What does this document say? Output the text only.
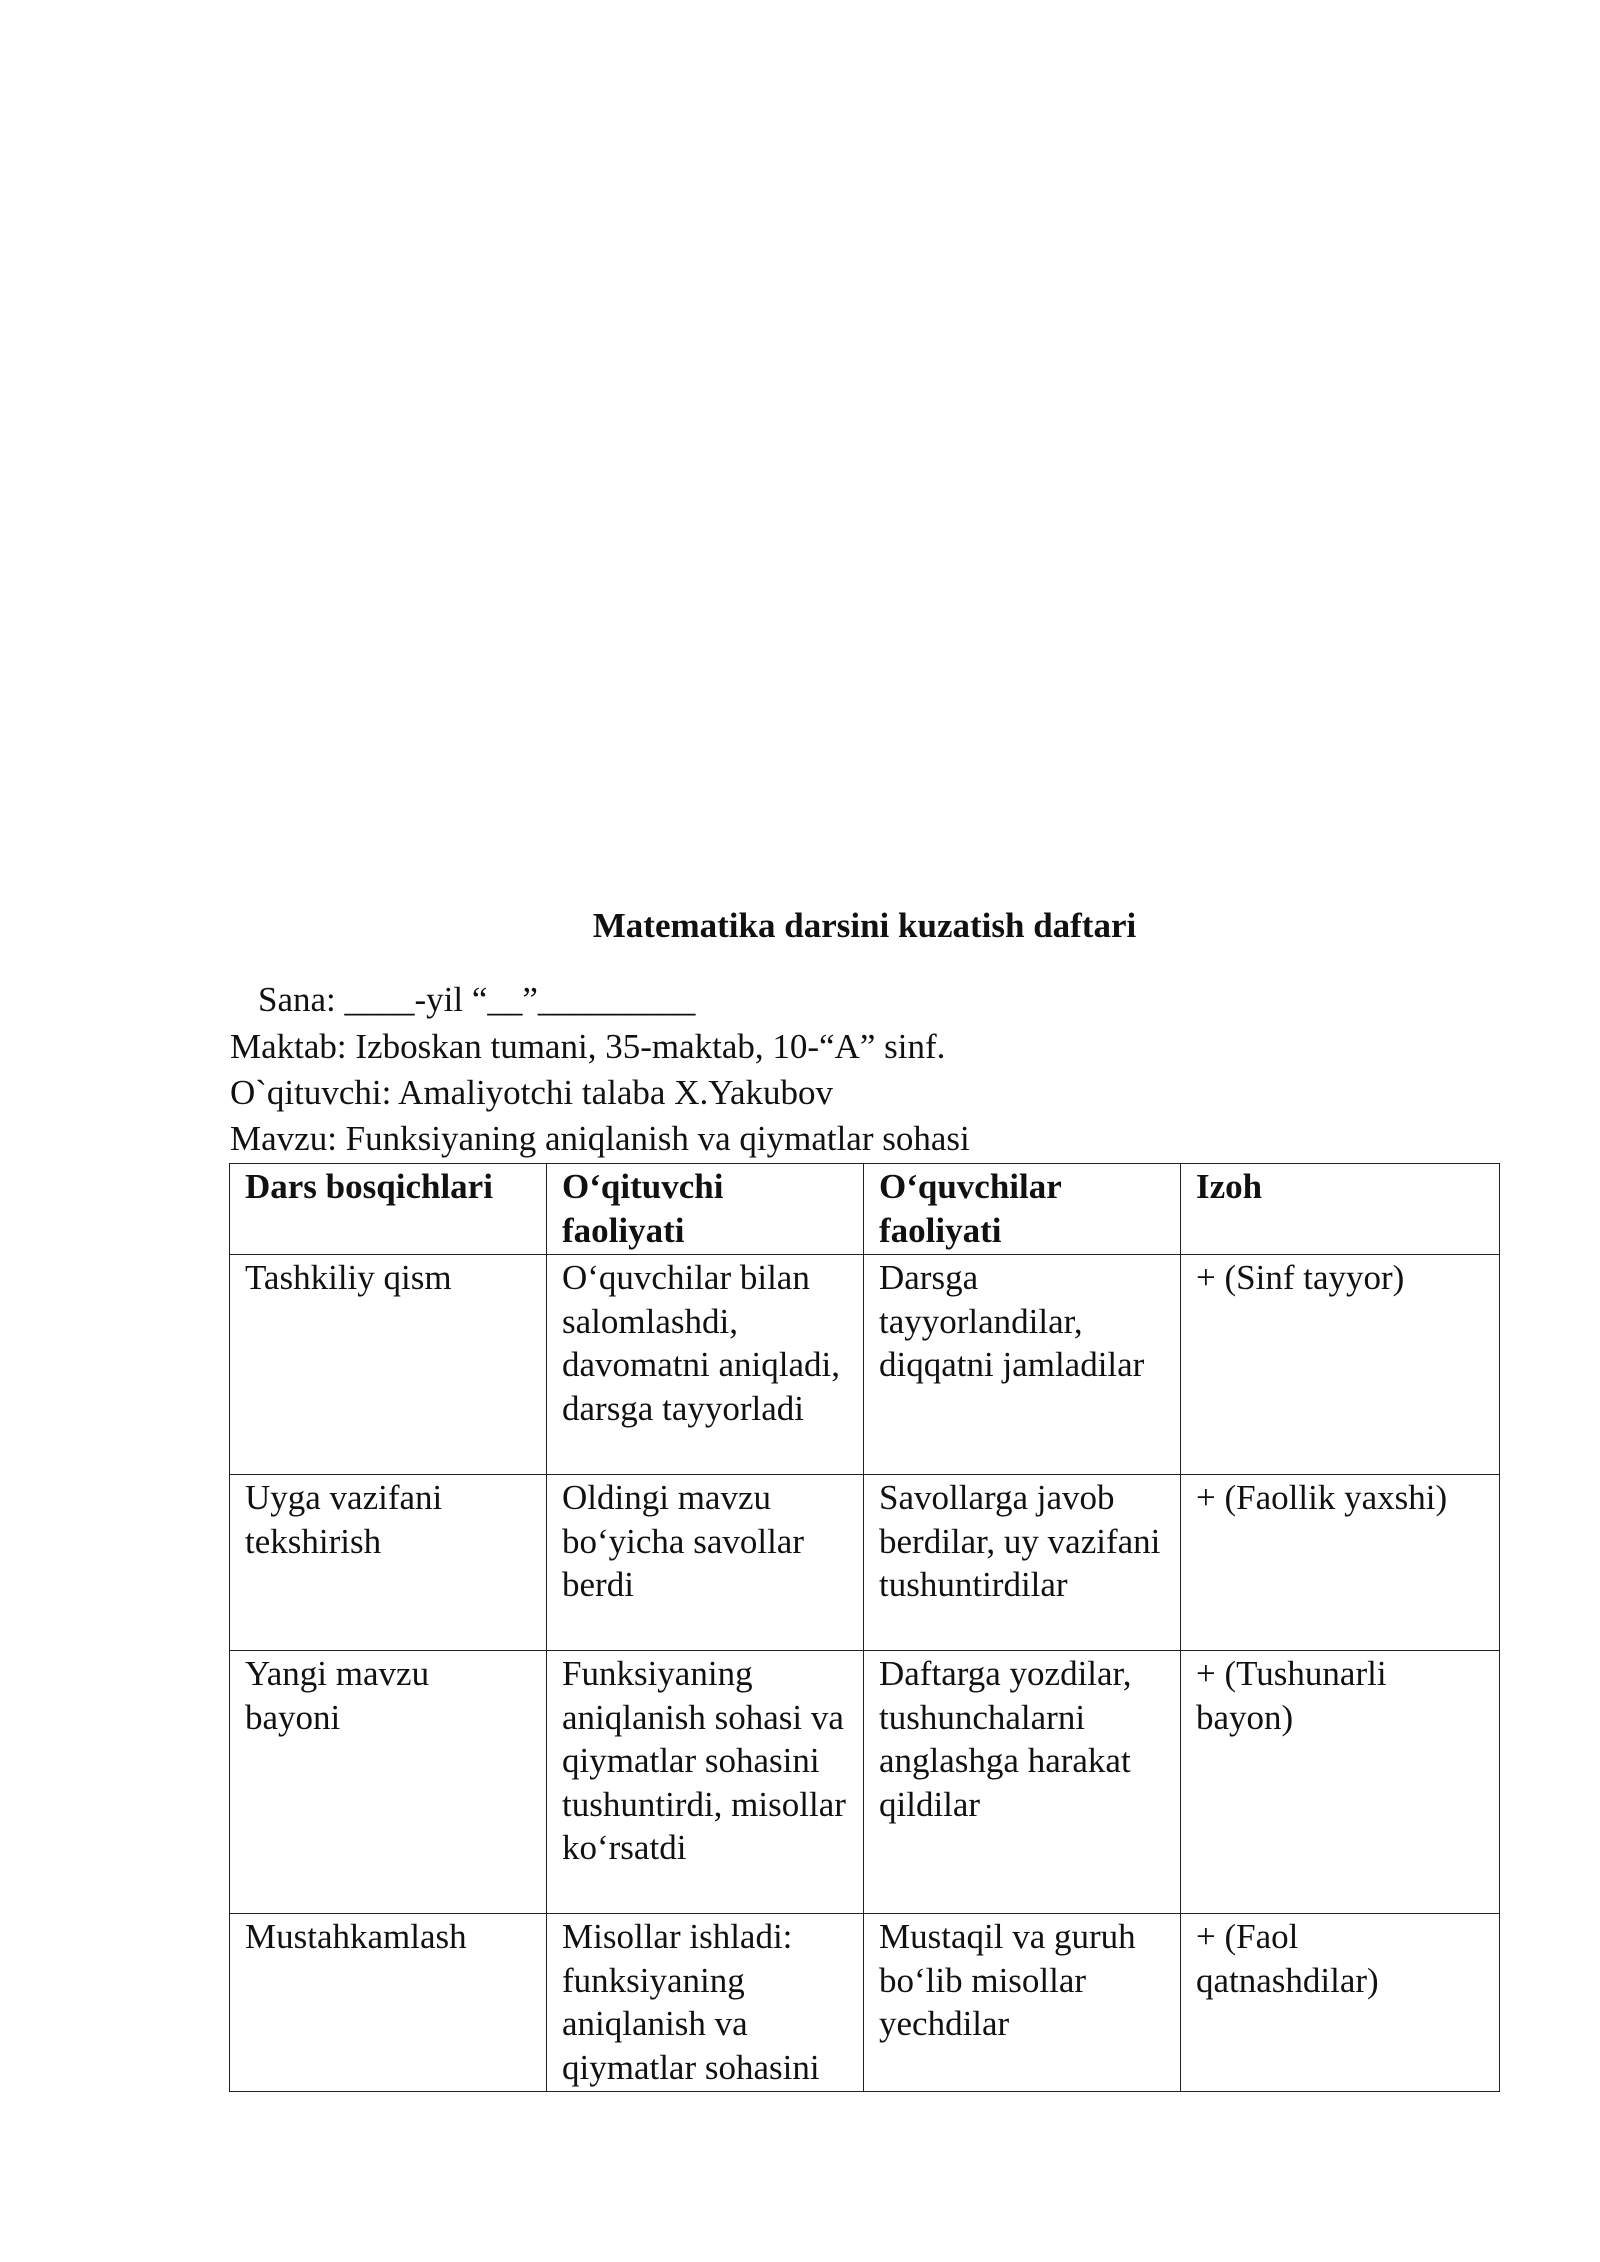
Matematika darsini kuzatish daftari
Sana: ____-yil “__”_________
Maktab: Izboskan tumani, 35-maktab, 10-“A” sinf.
O`qituvchi: Amaliyotchi talaba X.Yakubov
Mavzu: Funksiyaning aniqlanish va qiymatlar sohasi
Dars bosqichlari	O‘qituvchi faoliyati	O‘quvchilar faoliyati	Izoh
Tashkiliy qism	O‘quvchilar bilan salomlashdi, davomatni aniqladi, darsga tayyorladi	Darsga tayyorlandilar, diqqatni jamladilar	+ (Sinf tayyor)
Uyga vazifani tekshirish	Oldingi mavzu bo‘yicha savollar berdi	Savollarga javob berdilar, uy vazifani tushuntirdilar	+ (Faollik yaxshi)
Yangi mavzu bayoni	Funksiyaning aniqlanish sohasi va qiymatlar sohasini tushuntirdi, misollar ko‘rsatdi	Daftarga yozdilar, tushunchalarni anglashga harakat qildilar	+ (Tushunarli bayon)
Mustahkamlash	Misollar ishladi: funksiyaning aniqlanish va qiymatlar sohasini	Mustaqil va guruh bo‘lib misollar yechdilar	+ (Faol qatnashdilar)
